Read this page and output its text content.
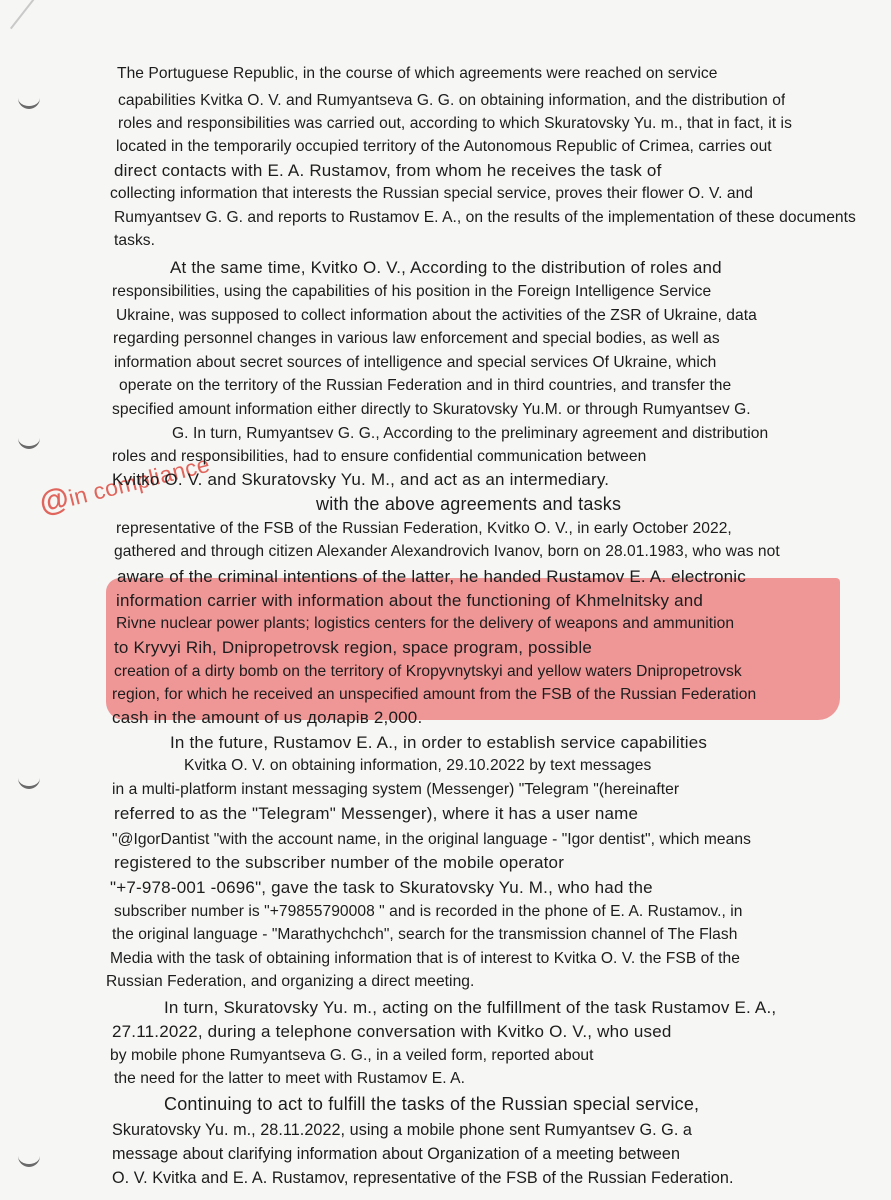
@in compliance
The Portuguese Republic, in the course of which agreements were reached on service
capabilities Kvitka O. V. and Rumyantseva G. G. on obtaining information, and the distribution of
roles and responsibilities was carried out, according to which Skuratovsky Yu. m., that in fact, it is
located in the temporarily occupied territory of the Autonomous Republic of Crimea, carries out
direct contacts with E. A. Rustamov, from whom he receives the task of
collecting information that interests the Russian special service, proves their flower O. V. and
Rumyantsev G. G. and reports to Rustamov E. A., on the results of the implementation of these documents
tasks.
At the same time, Kvitko O. V., According to the distribution of roles and
responsibilities, using the capabilities of his position in the Foreign Intelligence Service
Ukraine, was supposed to collect information about the activities of the ZSR of Ukraine, data
regarding personnel changes in various law enforcement and special bodies, as well as
information about secret sources of intelligence and special services Of Ukraine, which
operate on the territory of the Russian Federation and in third countries, and transfer the
specified amount information either directly to Skuratovsky Yu.M. or through Rumyantsev G.
G. In turn, Rumyantsev G. G., According to the preliminary agreement and distribution
roles and responsibilities, had to ensure confidential communication between
Kvitko O. V. and Skuratovsky Yu. M., and act as an intermediary.
with the above agreements and tasks
representative of the FSB of the Russian Federation, Kvitko O. V., in early October 2022,
gathered and through citizen Alexander Alexandrovich Ivanov, born on 28.01.1983, who was not
aware of the criminal intentions of the latter, he handed Rustamov E. A. electronic
information carrier with information about the functioning of Khmelnitsky and
Rivne nuclear power plants; logistics centers for the delivery of weapons and ammunition
to Kryvyi Rih, Dnipropetrovsk region, space program, possible
creation of a dirty bomb on the territory of Kropyvnytskyi and yellow waters Dnipropetrovsk
region, for which he received an unspecified amount from the FSB of the Russian Federation
cash in the amount of us доларів 2,000.
In the future, Rustamov E. A., in order to establish service capabilities
Kvitka O. V. on obtaining information, 29.10.2022 by text messages
in a multi-platform instant messaging system (Messenger) "Telegram "(hereinafter
referred to as the "Telegram" Messenger), where it has a user name
"@IgorDantist "with the account name, in the original language - "Igor dentist", which means
registered to the subscriber number of the mobile operator
"+7-978-001 -0696", gave the task to Skuratovsky Yu. M., who had the
subscriber number is "+79855790008 " and is recorded in the phone of E. A. Rustamov., in
the original language - "Marathychchch", search for the transmission channel of The Flash
Media with the task of obtaining information that is of interest to Kvitka O. V. the FSB of the
Russian Federation, and organizing a direct meeting.
In turn, Skuratovsky Yu. m., acting on the fulfillment of the task Rustamov E. A.,
27.11.2022, during a telephone conversation with Kvitko O. V., who used
by mobile phone Rumyantseva G. G., in a veiled form, reported about
the need for the latter to meet with Rustamov E. A.
Continuing to act to fulfill the tasks of the Russian special service,
Skuratovsky Yu. m., 28.11.2022, using a mobile phone sent Rumyantsev G. G. a
message about clarifying information about Organization of a meeting between
O. V. Kvitka and E. A. Rustamov, representative of the FSB of the Russian Federation.
